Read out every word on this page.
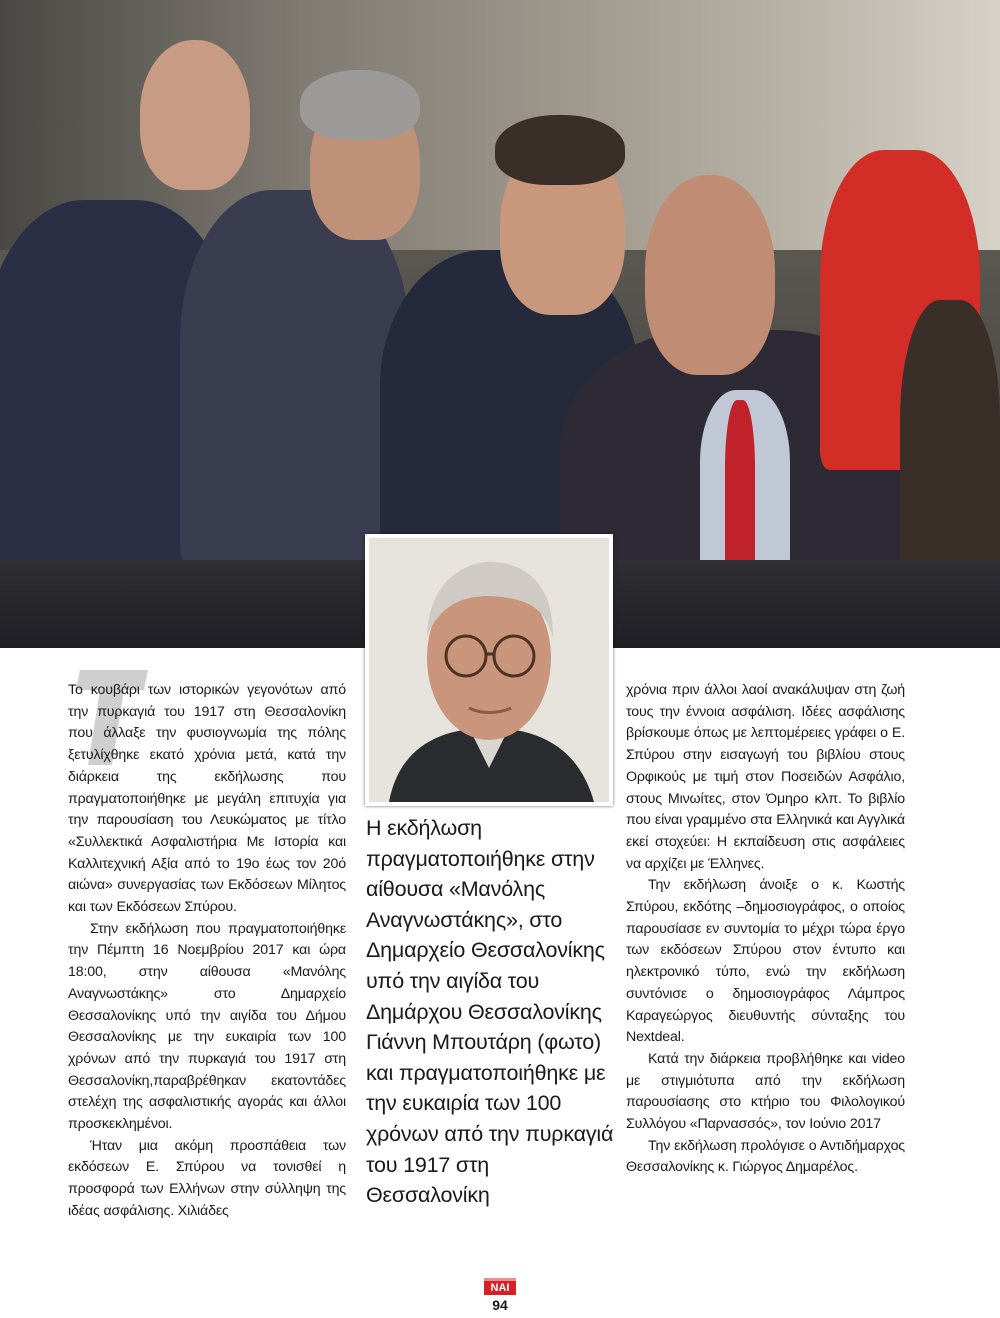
Το κουβάρι των ιστορικών γεγονότων από την πυρκαγιά του 1917 στη Θεσσαλονίκη που άλλαξε την φυσιογνωμία της πόλης ξετυλίχθηκε εκατό χρόνια μετά, κατά την διάρκεια της εκδήλωσης που πραγματοποιήθηκε με μεγάλη επιτυχία για την παρουσίαση του Λευκώματος με τίτλο «Συλλεκτικά Ασφαλιστήρια Με Ιστορία και Καλλιτεχνική Αξία από το 19ο έως τον 20ό αιώνα» συνεργασίας των Εκδόσεων Μίλητος και των Εκδόσεων Σπύρου.

Στην εκδήλωση που πραγματοποιήθηκε την Πέμπτη 16 Νοεμβρίου 2017 και ώρα 18:00, στην αίθουσα «Μανόλης Αναγνωστάκης» στο Δημαρχείο Θεσσαλονίκης υπό την αιγίδα του Δήμου Θεσσαλονίκης με την ευκαιρία των 100 χρόνων από την πυρκαγιά του 1917 στη Θεσσαλονίκη,παραβρέθηκαν εκατοντάδες στελέχη της ασφαλιστικής αγοράς και άλλοι προσκεκλημένοι.

Ήταν μια ακόμη προσπάθεια των εκδόσεων Ε. Σπύρου να τονισθεί η προσφορά των Ελλήνων στην σύλληψη της ιδέας ασφάλισης. Χιλιάδες

Η εκδήλωση πραγματοποιήθηκε στην αίθουσα «Μανόλης Αναγνωστάκης», στο Δημαρχείο Θεσσαλονίκης υπό την αιγίδα του Δημάρχου Θεσσαλονίκης Γιάννη Μπουτάρη (φωτο) και πραγματοποιήθηκε με την ευκαιρία των 100 χρόνων από την πυρκαγιά του 1917 στη Θεσσαλονίκη

χρόνια πριν άλλοι λαοί ανακάλυψαν στη ζωή τους την έννοια ασφάλιση. Ιδέες ασφάλισης βρίσκουμε όπως με λεπτομέρειες γράφει ο Ε. Σπύρου στην εισαγωγή του βιβλίου στους Ορφικούς με τιμή στον Ποσειδών Ασφάλιο, στους Μινωίτες, στον Όμηρο κλπ. Το βιβλίο που είναι γραμμένο στα Ελληνικά και Αγγλικά εκεί στοχεύει: Η εκπαίδευση στις ασφάλειες να αρχίζει με Έλληνες.

Την εκδήλωση άνοιξε ο κ. Κωστής Σπύρου, εκδότης –δημοσιογράφος, ο οποίος παρουσίασε εν συντομία το μέχρι τώρα έργο των εκδόσεων Σπύρου στον έντυπο και ηλεκτρονικό τύπο, ενώ την εκδήλωση συντόνισε ο δημοσιογράφος Λάμπρος Καραγεώργος διευθυντής σύνταξης του Nextdeal.

Κατά την διάρκεια προβλήθηκε και video με στιγμιότυπα από την εκδήλωση παρουσίασης στο κτήριο του Φιλολογικού Συλλόγου «Παρνασσός», τον Ιούνιο 2017

Την εκδήλωση προλόγισε ο Αντιδήμαρχος Θεσσαλονίκης κ. Γιώργος Δημαρέλος.

ΝΑΙ
94
